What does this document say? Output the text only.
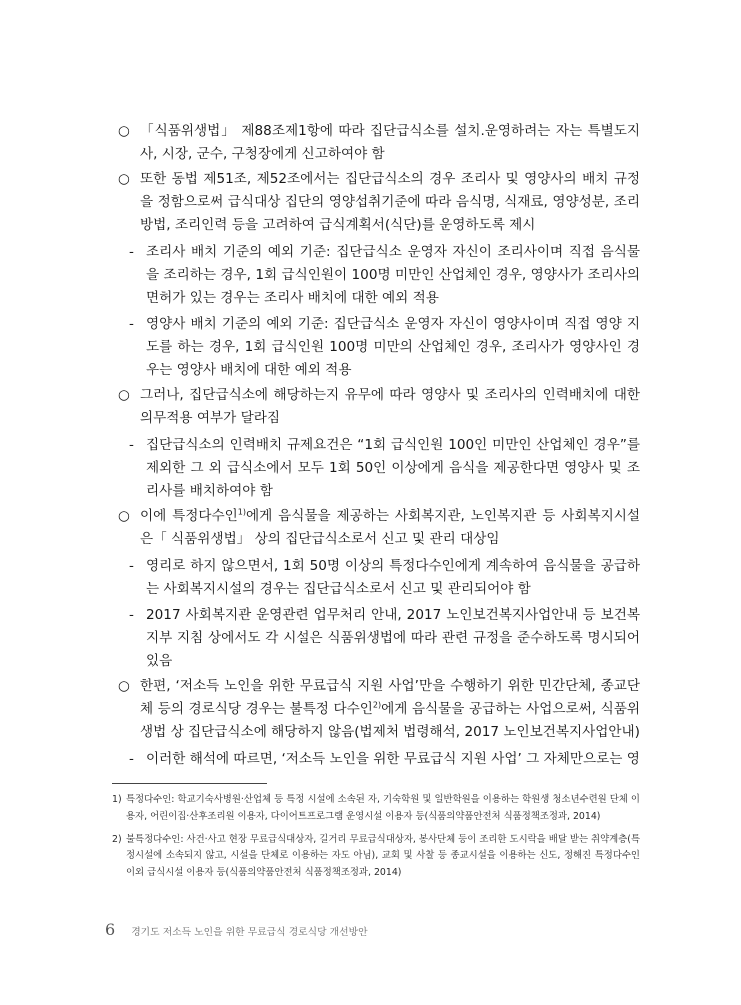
○ 「식품위생법」 제88조제1항에 따라 집단급식소를 설치.운영하려는 자는 특별도지사, 시장, 군수, 구청장에게 신고하여야 함

○ 또한 동법 제51조, 제52조에서는 집단급식소의 경우 조리사 및 영양사의 배치 규정을 정함으로써 급식대상 집단의 영양섭취기준에 따라 음식명, 식재료, 영양성분, 조리방법, 조리인력 등을 고려하여 급식계획서(식단)를 운영하도록 제시

- 조리사 배치 기준의 예외 기준: 집단급식소 운영자 자신이 조리사이며 직접 음식물을 조리하는 경우, 1회 급식인원이 100명 미만인 산업체인 경우, 영양사가 조리사의 면허가 있는 경우는 조리사 배치에 대한 예외 적용

- 영양사 배치 기준의 예외 기준: 집단급식소 운영자 자신이 영양사이며 직접 영양 지도를 하는 경우, 1회 급식인원 100명 미만의 산업체인 경우, 조리사가 영양사인 경우는 영양사 배치에 대한 예외 적용

○ 그러나, 집단급식소에 해당하는지 유무에 따라 영양사 및 조리사의 인력배치에 대한 의무적용 여부가 달라짐

- 집단급식소의 인력배치 규제요건은 “1회 급식인원 100인 미만인 산업체인 경우”를 제외한 그 외 급식소에서 모두 1회 50인 이상에게 음식을 제공한다면 영양사 및 조리사를 배치하여야 함

○ 이에 특정다수인$^{1)}$에게 음식물을 제공하는 사회복지관, 노인복지관 등 사회복지시설은「 식품위생법」 상의 집단급식소로서 신고 및 관리 대상임

- 영리로 하지 않으면서, 1회 50명 이상의 특정다수인에게 계속하여 음식물을 공급하는 사회복지시설의 경우는 집단급식소로서 신고 및 관리되어야 함

- 2017 사회복지관 운영관련 업무처리 안내, 2017 노인보건복지사업안내 등 보건복지부 지침 상에서도 각 시설은 식품위생법에 따라 관련 규정을 준수하도록 명시되어 있음

○ 한편, ‘저소득 노인을 위한 무료급식 지원 사업’만을 수행하기 위한 민간단체, 종교단체 등의 경로식당 경우는 불특정 다수인$^{2)}$에게 음식물을 공급하는 사업으로써, 식품위생법 상 집단급식소에 해당하지 않음(법제처 법령해석, 2017 노인보건복지사업안내)

- 이러한 해석에 따르면, ‘저소득 노인을 위한 무료급식 지원 사업’ 그 자체만으로는 영

1) 특정다수인: 학교기숙사병원·산업체 등 특정 시설에 소속된 자, 기숙학원 및 일반학원을 이용하는 학원생 청소년수련원 단체 이용자, 어린이집·산후조리원 이용자, 다이어트프로그램 운영시설 이용자 등(식품의약품안전처 식품정책조정과, 2014)

2) 불특정다수인: 사건·사고 현장 무료급식대상자, 길거리 무료급식대상자, 봉사단체 등이 조리한 도시락을 배달 받는 취약계층(특정시설에 소속되지 않고, 시설을 단체로 이용하는 자도 아님), 교회 및 사찰 등 종교시설을 이용하는 신도, 정해진 특정다수인 이외 급식시설 이용자 등(식품의약품안전처 식품정책조정과, 2014)

6 경기도 저소득 노인을 위한 무료급식 경로식당 개선방안
